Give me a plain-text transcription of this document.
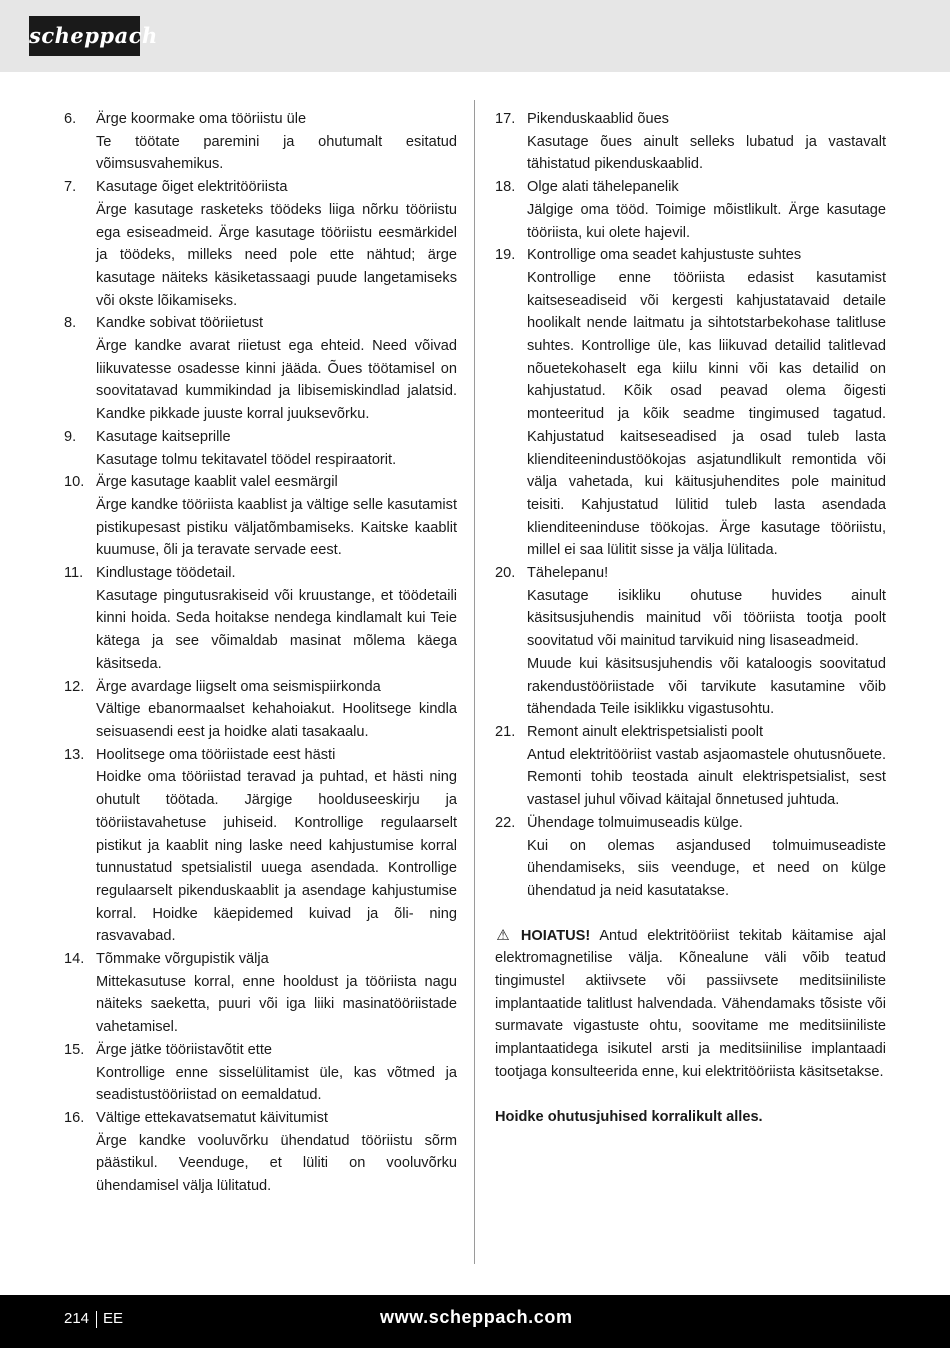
scheppach
6. Ärge koormake oma tööriistu üle

Te töötate paremini ja ohutumalt esitatud võimsusvahemikus.

7. Kasutage õiget elektritööriista

Ärge kasutage rasketeks töödeks liiga nõrku tööriistu ega esiseadmeid. Ärge kasutage tööriistu eesmärkidel ja töödeks, milleks need pole ette nähtud; ärge kasutage näiteks käsiketassaagi puude langetamiseks või okste lõikamiseks.

8. Kandke sobivat tööriietust

Ärge kandke avarat riietust ega ehteid. Need võivad liikuvatesse osadesse kinni jääda. Õues töötamisel on soovitatavad kummikindad ja libisemiskindlad jalatsid. Kandke pikkade juuste korral juuksevõrku.

9. Kasutage kaitseprille

Kasutage tolmu tekitavatel töödel respiraatorit.

10. Ärge kasutage kaablit valel eesmärgil

Ärge kandke tööriista kaablist ja vältige selle kasutamist pistikupesast pistiku väljatõmbamiseks. Kaitske kaablit kuumuse, õli ja teravate servade eest.

11. Kindlustage töödetail.

Kasutage pingutusrakiseid või kruustange, et töödetaili kinni hoida. Seda hoitakse nendega kindlamalt kui Teie kätega ja see võimaldab masinat mõlema käega käsitseda.

12. Ärge avardage liigselt oma seismispiirkonda

Vältige ebanormaalset kehahoiakut. Hoolitsege kindla seisuasendi eest ja hoidke alati tasakaalu.

13. Hoolitsege oma tööriistade eest hästi

Hoidke oma tööriistad teravad ja puhtad, et hästi ning ohutult töötada. Järgige hoolduseeskirju ja tööriistavahetuse juhiseid. Kontrollige regulaarselt pistikut ja kaablit ning laske need kahjustumise korral tunnustatud spetsialistil uuega asendada. Kontrollige regulaarselt pikenduskaablit ja asendage kahjustumise korral. Hoidke käepidemed kuivad ja õli- ning rasvavabad.

14. Tõmmake võrgupistik välja

Mittekasutuse korral, enne hooldust ja tööriista nagu näiteks saeketta, puuri või iga liiki masinatööriistade vahetamisel.

15. Ärge jätke tööriistavõtit ette

Kontrollige enne sisselülitamist üle, kas võtmed ja seadistustööriistad on eemaldatud.

16. Vältige ettekavatsematut käivitumist

Ärge kandke vooluvõrku ühendatud tööriistu sõrm päästikul. Veenduge, et lüliti on vooluvõrku ühendamisel välja lülitatud.

17. Pikenduskaablid õues

Kasutage õues ainult selleks lubatud ja vastavalt tähistatud pikenduskaablid.

18. Olge alati tähelepanelik

Jälgige oma tööd. Toimige mõistlikult. Ärge kasutage tööriista, kui olete hajevil.

19. Kontrollige oma seadet kahjustuste suhtes

Kontrollige enne tööriista edasist kasutamist kaitseseadiseid või kergesti kahjustatavaid detaile hoolikalt nende laitmatu ja sihtotstarbekohase talitluse suhtes. Kontrollige üle, kas liikuvad detailid talitlevad nõuetekohaselt ega kiilu kinni või kas detailid on kahjustatud. Kõik osad peavad olema õigesti monteeritud ja kõik seadme tingimused tagatud. Kahjustatud kaitseseadised ja osad tuleb lasta klienditeenindustöökojas asjatundlikult remontida või välja vahetada, kui käitusjuhendites pole mainitud teisiti. Kahjustatud lülitid tuleb lasta asendada klienditeeninduse töökojas. Ärge kasutage tööriistu, millel ei saa lülitit sisse ja välja lülitada.

20. Tähelepanu!

Kasutage isikliku ohutuse huvides ainult käsitsusjuhendis mainitud või tööriista tootja poolt soovitatud või mainitud tarvikuid ning lisaseadmeid.

Muude kui käsitsusjuhendis või kataloogis soovitatud rakendustööriistade või tarvikute kasutamine võib tähendada Teile isiklikku vigastusohtu.

21. Remont ainult elektrispetsialisti poolt

Antud elektritööriist vastab asjaomastele ohutusnõuete. Remonti tohib teostada ainult elektrispetsialist, sest vastasel juhul võivad käitajal õnnetused juhtuda.

22. Ühendage tolmuimuseadis külge.

Kui on olemas asjandused tolmuimuseadiste ühendamiseks, siis veenduge, et need on külge ühendatud ja neid kasutatakse.

⚠ HOIATUS! Antud elektritööriist tekitab käitamise ajal elektromagnetilise välja. Kõnealune väli võib teatud tingimustel aktiivsete või passiivsete meditsiiniliste implantaatide talitlust halvendada. Vähendamaks tõsiste või surmavate vigastuste ohtu, soovitame me meditsiiniliste implantaatidega isikutel arsti ja meditsiinilise implantaadi tootjaga konsulteerida enne, kui elektritööriista käsitsetakse.
Hoidke ohutusjuhised korralikult alles.
214 EE	www.scheppach.com
